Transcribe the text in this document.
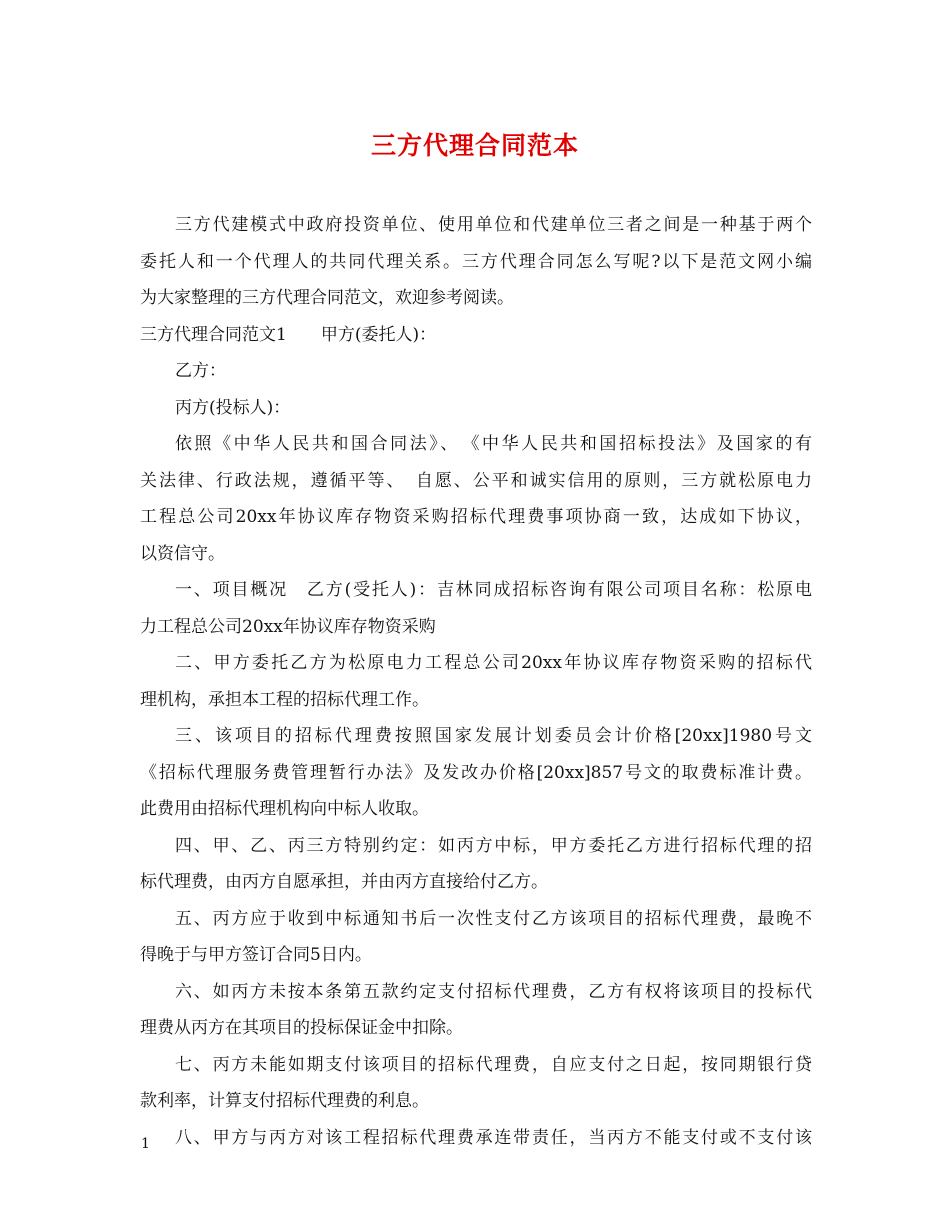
三方代理合同范本
三方代建模式中政府投资单位、使用单位和代建单位三者之间是一种基于两个
委托人和一个代理人的共同代理关系。三方代理合同怎么写呢?以下是范文网小编
为大家整理的三方代理合同范文，欢迎参考阅读。
三方代理合同范文1　　甲方(委托人)：
乙方：
丙方(投标人)：
依照《中华人民共和国合同法》、　《中华人民共和国招标投法》及国家的有
关法律、行政法规，遵循平等、　自愿、公平和诚实信用的原则，三方就松原电力
工程总公司20xx年协议库存物资采购招标代理费事项协商一致，达成如下协议，
以资信守。
一、项目概况　乙方(受托人)：吉林同成招标咨询有限公司项目名称：松原电
力工程总公司20xx年协议库存物资采购
二、甲方委托乙方为松原电力工程总公司20xx年协议库存物资采购的招标代
理机构，承担本工程的招标代理工作。
三、该项目的招标代理费按照国家发展计划委员会计价格[20xx]1980号文
《招标代理服务费管理暂行办法》及发改办价格[20xx]857号文的取费标准计费。
此费用由招标代理机构向中标人收取。
四、甲、乙、丙三方特别约定：如丙方中标，甲方委托乙方进行招标代理的招
标代理费，由丙方自愿承担，并由丙方直接给付乙方。
五、丙方应于收到中标通知书后一次性支付乙方该项目的招标代理费，最晚不
得晚于与甲方签订合同5日内。
六、如丙方未按本条第五款约定支付招标代理费，乙方有权将该项目的投标代
理费从丙方在其项目的投标保证金中扣除。
七、丙方未能如期支付该项目的招标代理费，自应支付之日起，按同期银行贷
款利率，计算支付招标代理费的利息。
八、甲方与丙方对该工程招标代理费承连带责任，当丙方不能支付或不支付该
1
